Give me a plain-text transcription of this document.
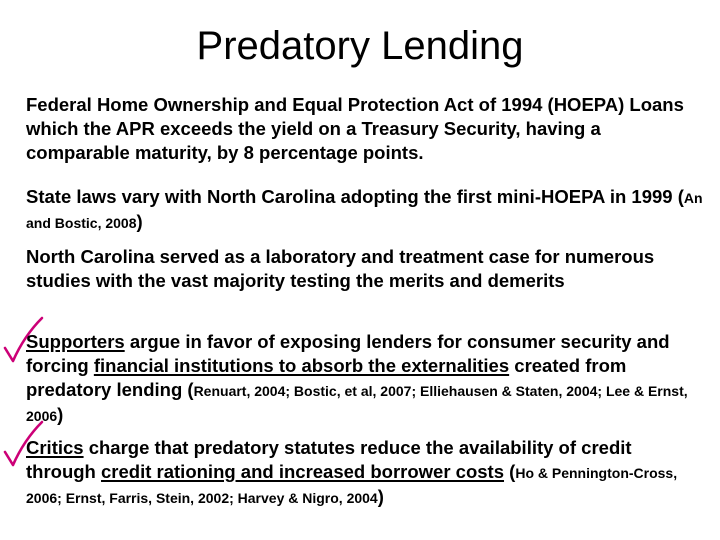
Predatory Lending
Federal Home Ownership and Equal Protection Act of 1994 (HOEPA) Loans which the APR exceeds the yield on a Treasury Security, having a comparable maturity, by 8 percentage points.
State laws vary with North Carolina adopting the first mini-HOEPA in 1999 (An and Bostic, 2008)
North Carolina served as a laboratory and treatment case for numerous studies with the vast majority testing the merits and demerits
Supporters argue in favor of exposing lenders for consumer security and forcing financial institutions to absorb the externalities created from predatory lending (Renuart, 2004; Bostic, et al, 2007; Elliehausen & Staten, 2004; Lee & Ernst, 2006)
Critics charge that predatory statutes reduce the availability of credit through credit rationing and increased borrower costs (Ho & Pennington-Cross, 2006; Ernst, Farris, Stein, 2002; Harvey & Nigro, 2004)
